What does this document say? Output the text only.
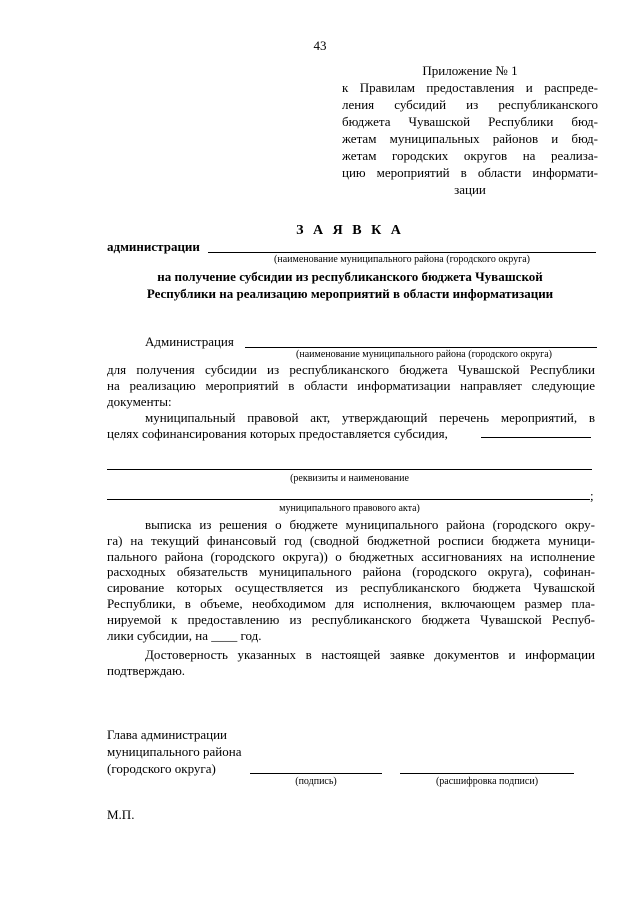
43
Приложение № 1
к Правилам предоставления и распреде-
ления субсидий из республиканского
бюджета Чувашской Республики бюд-
жетам муниципальных районов и бюд-
жетам городских округов на реализа-
цию мероприятий в области информати-
зации
З А Я В К А
администрации
(наименование муниципального района (городского округа)
на получение субсидии из республиканского бюджета Чувашской
Республики на реализацию мероприятий в области информатизации
Администрация
(наименование муниципального района (городского округа)
для получения субсидии из республиканского бюджета Чувашской Республики
на реализацию мероприятий в области информатизации направляет следующие
документы:
муниципальный правовой акт, утверждающий перечень мероприятий, в
целях софинансирования которых предоставляется субсидия,
(реквизиты и наименование
;
муниципального правового акта)
выписка из решения о бюджете муниципального района (городского окру-
га) на текущий финансовый год (сводной бюджетной росписи бюджета муници-
пального района (городского округа)) о бюджетных ассигнованиях на исполнение
расходных обязательств муниципального района (городского округа), софинан-
сирование которых осуществляется из республиканского бюджета Чувашской
Республики, в объеме, необходимом для исполнения, включающем размер пла-
нируемой к предоставлению из республиканского бюджета Чувашской Респуб-
лики субсидии, на ____ год.
Достоверность указанных в настоящей заявке документов и информации
подтверждаю.
Глава администрации
муниципального района
(городского округа)
(подпись)	(расшифровка подписи)
М.П.
